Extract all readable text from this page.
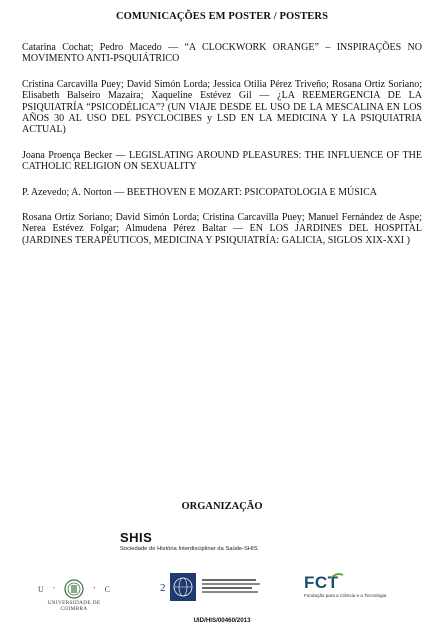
COMUNICAÇÕES EM POSTER / POSTERS

Catarina Cochat; Pedro Macedo — “A CLOCKWORK ORANGE” – INSPIRAÇÕES NO MOVIMENTO ANTI-PSQUIÁTRICO

Cristina Carcavilla Puey; David Simón Lorda; Jessica Otilia Pérez Triveño; Rosana Ortiz Soriano; Elisabeth Balseiro Mazaira; Xaqueline Estévez Gil — ¿LA REEMERGENCIA DE LA PSIQUIATRÍA “PSICODÉLICA”? (UN VIAJE DESDE EL USO DE LA MESCALINA EN LOS AÑOS 30 AL USO DEL PSYCLOCIBES y LSD EN LA MEDICINA Y LA PSIQUIATRIA ACTUAL)

Joana Proença Becker — LEGISLATING AROUND PLEASURES: THE INFLUENCE OF THE CATHOLIC RELIGION ON SEXUALITY

P. Azevedo; A. Norton — BEETHOVEN E MOZART: PSICOPATOLOGIA E MÚSICA

Rosana Ortiz Soriano; David Simón Lorda; Cristina Carcavilla Puey; Manuel Fernández de Aspe; Nerea Estévez Folgar; Almudena Pérez Baltar — EN LOS JARDINES DEL HOSPITAL (JARDINES TERAPÉUTICOS, MEDICINA Y PSIQUIATRÍA: GALICIA, SIGLOS XIX-XXI )

ORGANIZAÇÃO
SHIS
Sociedade de História Interdisciplinar da Saúde-SHIS
U •	• C
UNIVERSIDADE DE COIMBRA
2	FCT
Fundação para a Ciência e a Tecnologia
UID/HIS/00460/2013
